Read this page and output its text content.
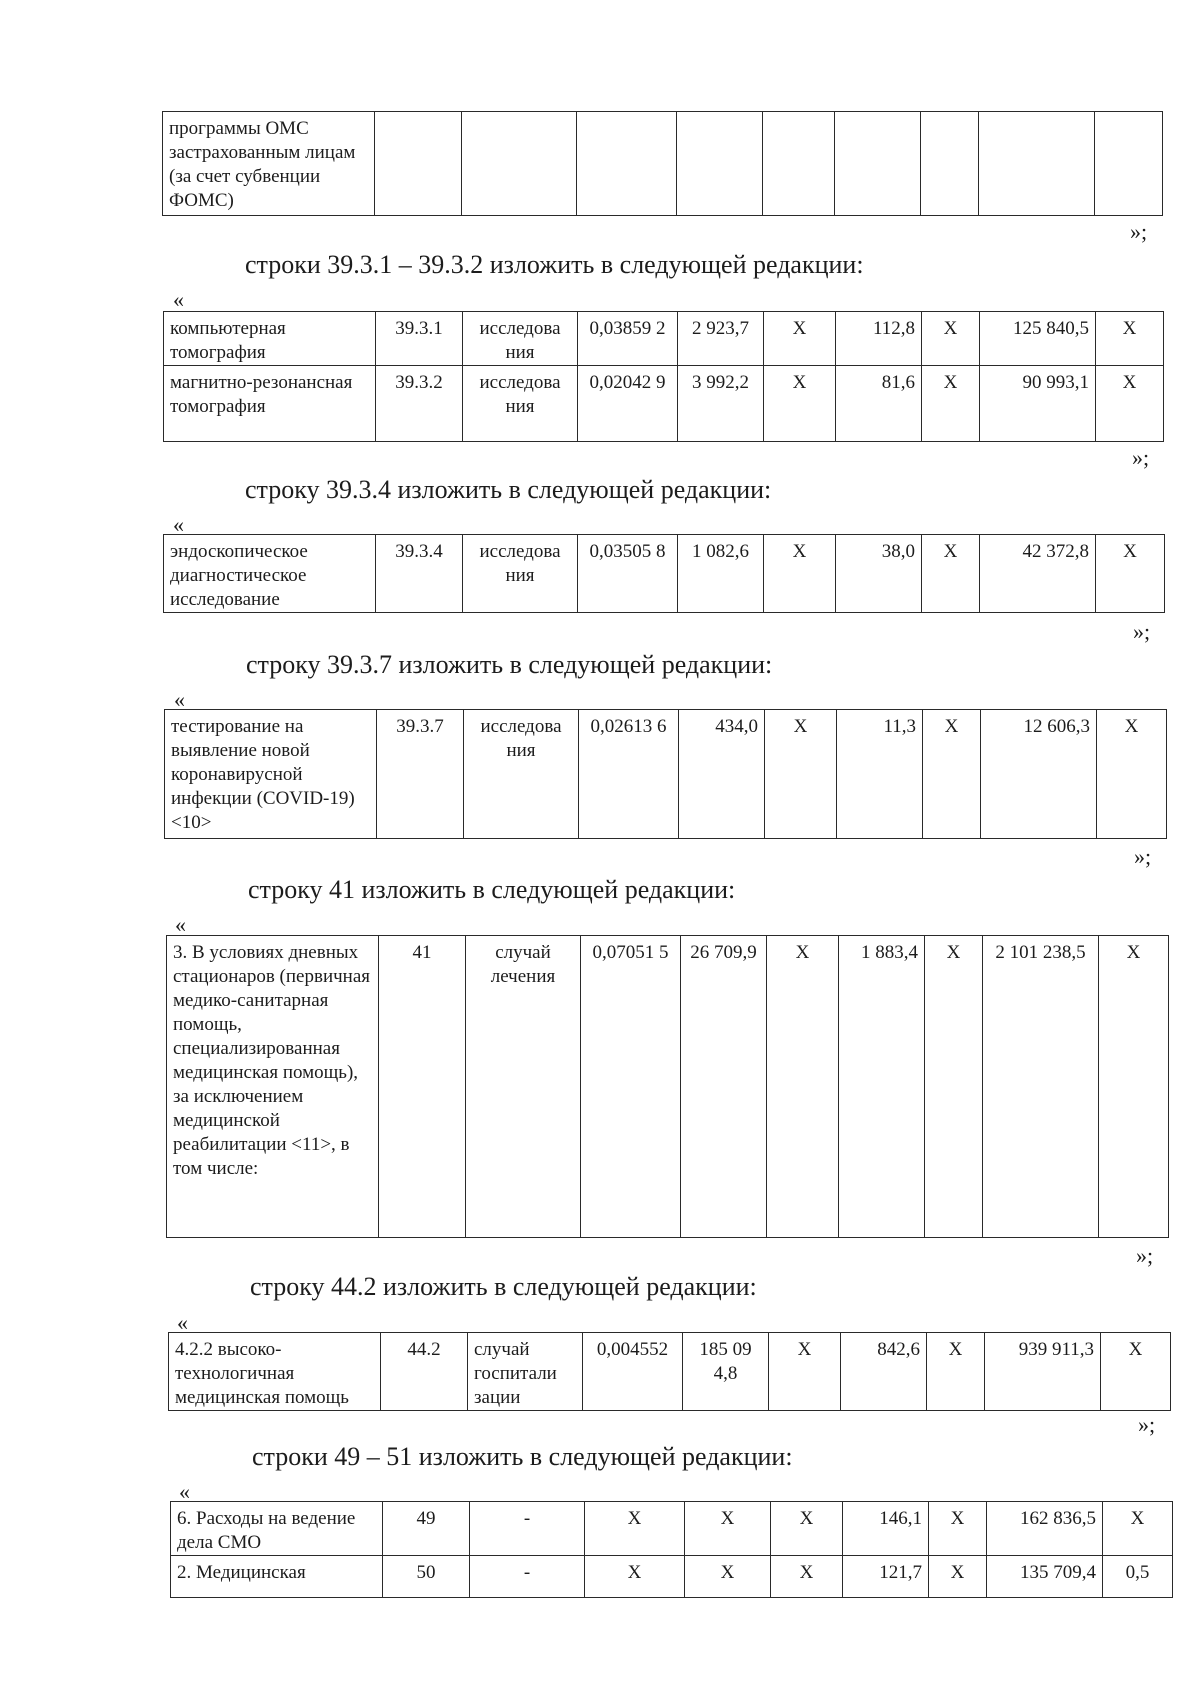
программы ОМС застрахованным лицам (за счет субвенции ФОМС)									
»;
строки 39.3.1 – 39.3.2 изложить в следующей редакции:
«
компьютерная томография	39.3.1	исследова ния	0,03859 2	2 923,7	Х	112,8	Х	125 840,5	Х
магнитно-резонансная томография	39.3.2	исследова ния	0,02042 9	3 992,2	Х	81,6	Х	90 993,1	Х
»;
строку 39.3.4 изложить в следующей редакции:
«
эндоскопическое диагностическое исследование	39.3.4	исследова ния	0,03505 8	1 082,6	Х	38,0	Х	42 372,8	Х
»;
строку 39.3.7 изложить в следующей редакции:
«
тестирование на выявление новой коронавирусной инфекции (COVID-19) <10>	39.3.7	исследова ния	0,02613 6	434,0	Х	11,3	Х	12 606,3	Х
»;
строку 41 изложить в следующей редакции:
«
3. В условиях дневных стационаров (первичная медико-санитарная помощь, специализированная медицинская помощь), за исключением медицинской реабилитации <11>, в том числе:	41	случай лечения	0,07051 5	26 709,9	Х	1 883,4	Х	2 101 238,5	Х
»;
строку 44.2 изложить в следующей редакции:
«
4.2.2 высоко-технологичная медицинская помощь	44.2	случай госпитали зации	0,004552	185 09 4,8	Х	842,6	Х	939 911,3	Х
»;
строки 49 – 51 изложить в следующей редакции:
«
6. Расходы на ведение дела СМО	49	-	Х	Х	Х	146,1	Х	162 836,5	Х
2. Медицинская	50	-	Х	Х	Х	121,7	Х	135 709,4	0,5
